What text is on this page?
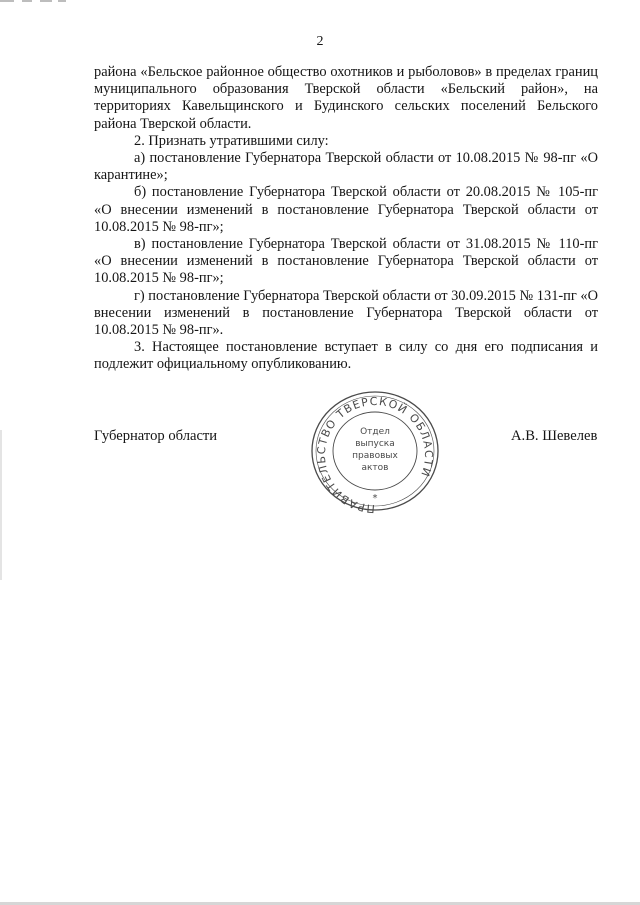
2

района «Бельское районное общество охотников и рыболовов» в пределах границ муниципального образования Тверской области «Бельский район», на территориях Кавельщинского и Будинского сельских поселений Бельского района Тверской области.

2. Признать утратившими силу:

а) постановление Губернатора Тверской области от 10.08.2015 № 98-пг «О карантине»;

б) постановление Губернатора Тверской области от 20.08.2015 № 105-пг «О внесении изменений в постановление Губернатора Тверской области от 10.08.2015 № 98-пг»;

в) постановление Губернатора Тверской области от 31.08.2015 № 110-пг «О внесении изменений в постановление Губернатора Тверской области от 10.08.2015 № 98-пг»;

г) постановление Губернатора Тверской области от 30.09.2015 № 131-пг «О внесении изменений в постановление Губернатора Тверской области от 10.08.2015 № 98-пг».

3. Настоящее постановление вступает в силу со дня его подписания и подлежит официальному опубликованию.

Губернатор области
ПРАВИТЕЛЬСТВО ТВЕРСКОЙ ОБЛАСТИ
Отдел
выпуска
правовых
актов
*
А.В. Шевелев
